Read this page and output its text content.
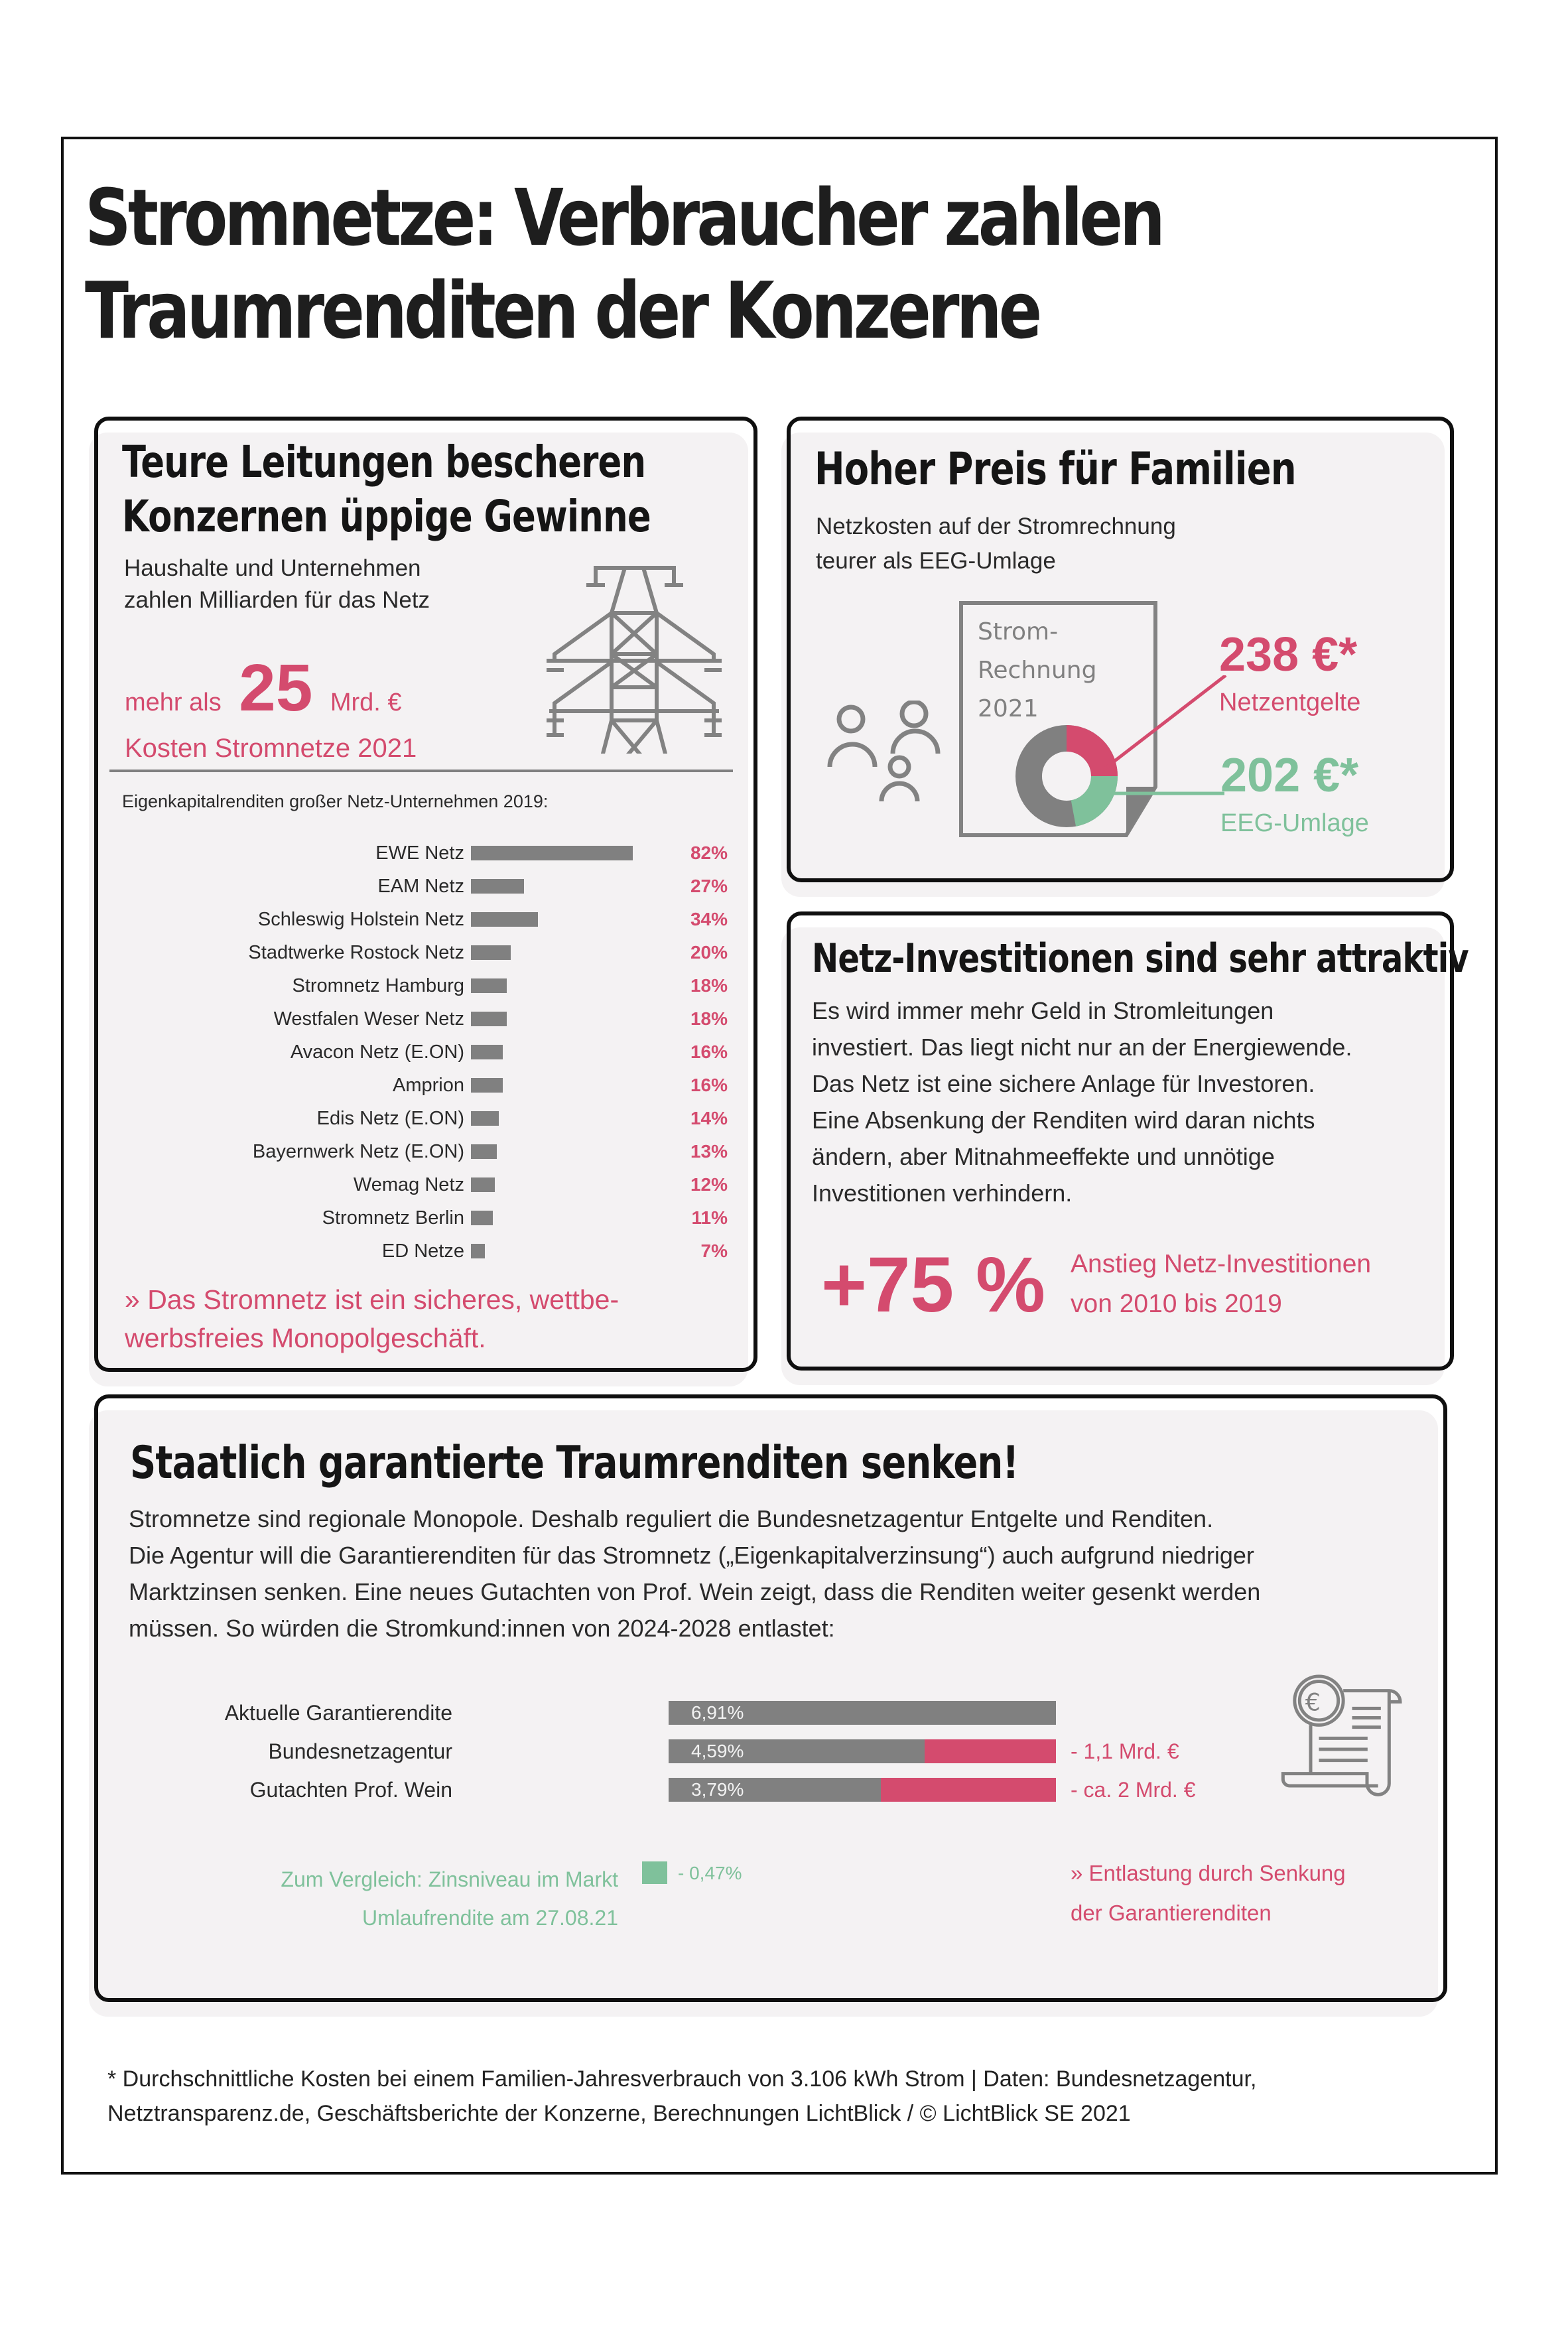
Stromnetze: Verbraucher zahlen
Traumrenditen der Konzerne
Teure Leitungen bescheren
Konzernen üppige Gewinne
Haushalte und Unternehmen
zahlen Milliarden für das Netz
mehr als 25 Mrd. €
Kosten Stromnetze 2021
Eigenkapitalrenditen großer Netz-Unternehmen 2019:
EWE Netz	82%
EAM Netz	27%
Schleswig Holstein Netz	34%
Stadtwerke Rostock Netz	20%
Stromnetz Hamburg	18%
Westfalen Weser Netz	18%
Avacon Netz (E.ON)	16%
Amprion	16%
Edis Netz (E.ON)	14%
Bayernwerk Netz (E.ON)	13%
Wemag Netz	12%
Stromnetz Berlin	11%
ED Netze	7%
» Das Stromnetz ist ein sicheres, wettbe-
werbsfreies Monopolgeschäft.
Hoher Preis für Familien
Netzkosten auf der Stromrechnung
teurer als EEG-Umlage
Strom-
Rechnung
2021
238 €*
Netzentgelte
202 €*
EEG-Umlage
Netz-Investitionen sind sehr attraktiv
Es wird immer mehr Geld in Stromleitungen
investiert. Das liegt nicht nur an der Energiewende.
Das Netz ist eine sichere Anlage für Investoren.
Eine Absenkung der Renditen wird daran nichts
ändern, aber Mitnahmeeffekte und unnötige
Investitionen verhindern.
+75 % Anstieg Netz-Investitionen
von 2010 bis 2019
Staatlich garantierte Traumrenditen senken!
Stromnetze sind regionale Monopole. Deshalb reguliert die Bundesnetzagentur Entgelte und Renditen.
Die Agentur will die Garantierenditen für das Stromnetz („Eigenkapitalverzinsung“) auch aufgrund niedriger
Marktzinsen senken. Eine neues Gutachten von Prof. Wein zeigt, dass die Renditen weiter gesenkt werden
müssen. So würden die Stromkund:innen von 2024-2028 entlastet:
Aktuelle Garantierendite	6,91%
Bundesnetzagentur	4,59%	- 1,1 Mrd. €
Gutachten Prof. Wein	3,79%	- ca. 2 Mrd. €
€
Zum Vergleich: Zinsniveau im Markt
Umlaufrendite am 27.08.21
- 0,47%	» Entlastung durch Senkung
der Garantierenditen
* Durchschnittliche Kosten bei einem Familien-Jahresverbrauch von 3.106 kWh Strom | Daten: Bundesnetzagentur,
Netztransparenz.de, Geschäftsberichte der Konzerne, Berechnungen LichtBlick / © LichtBlick SE 2021
